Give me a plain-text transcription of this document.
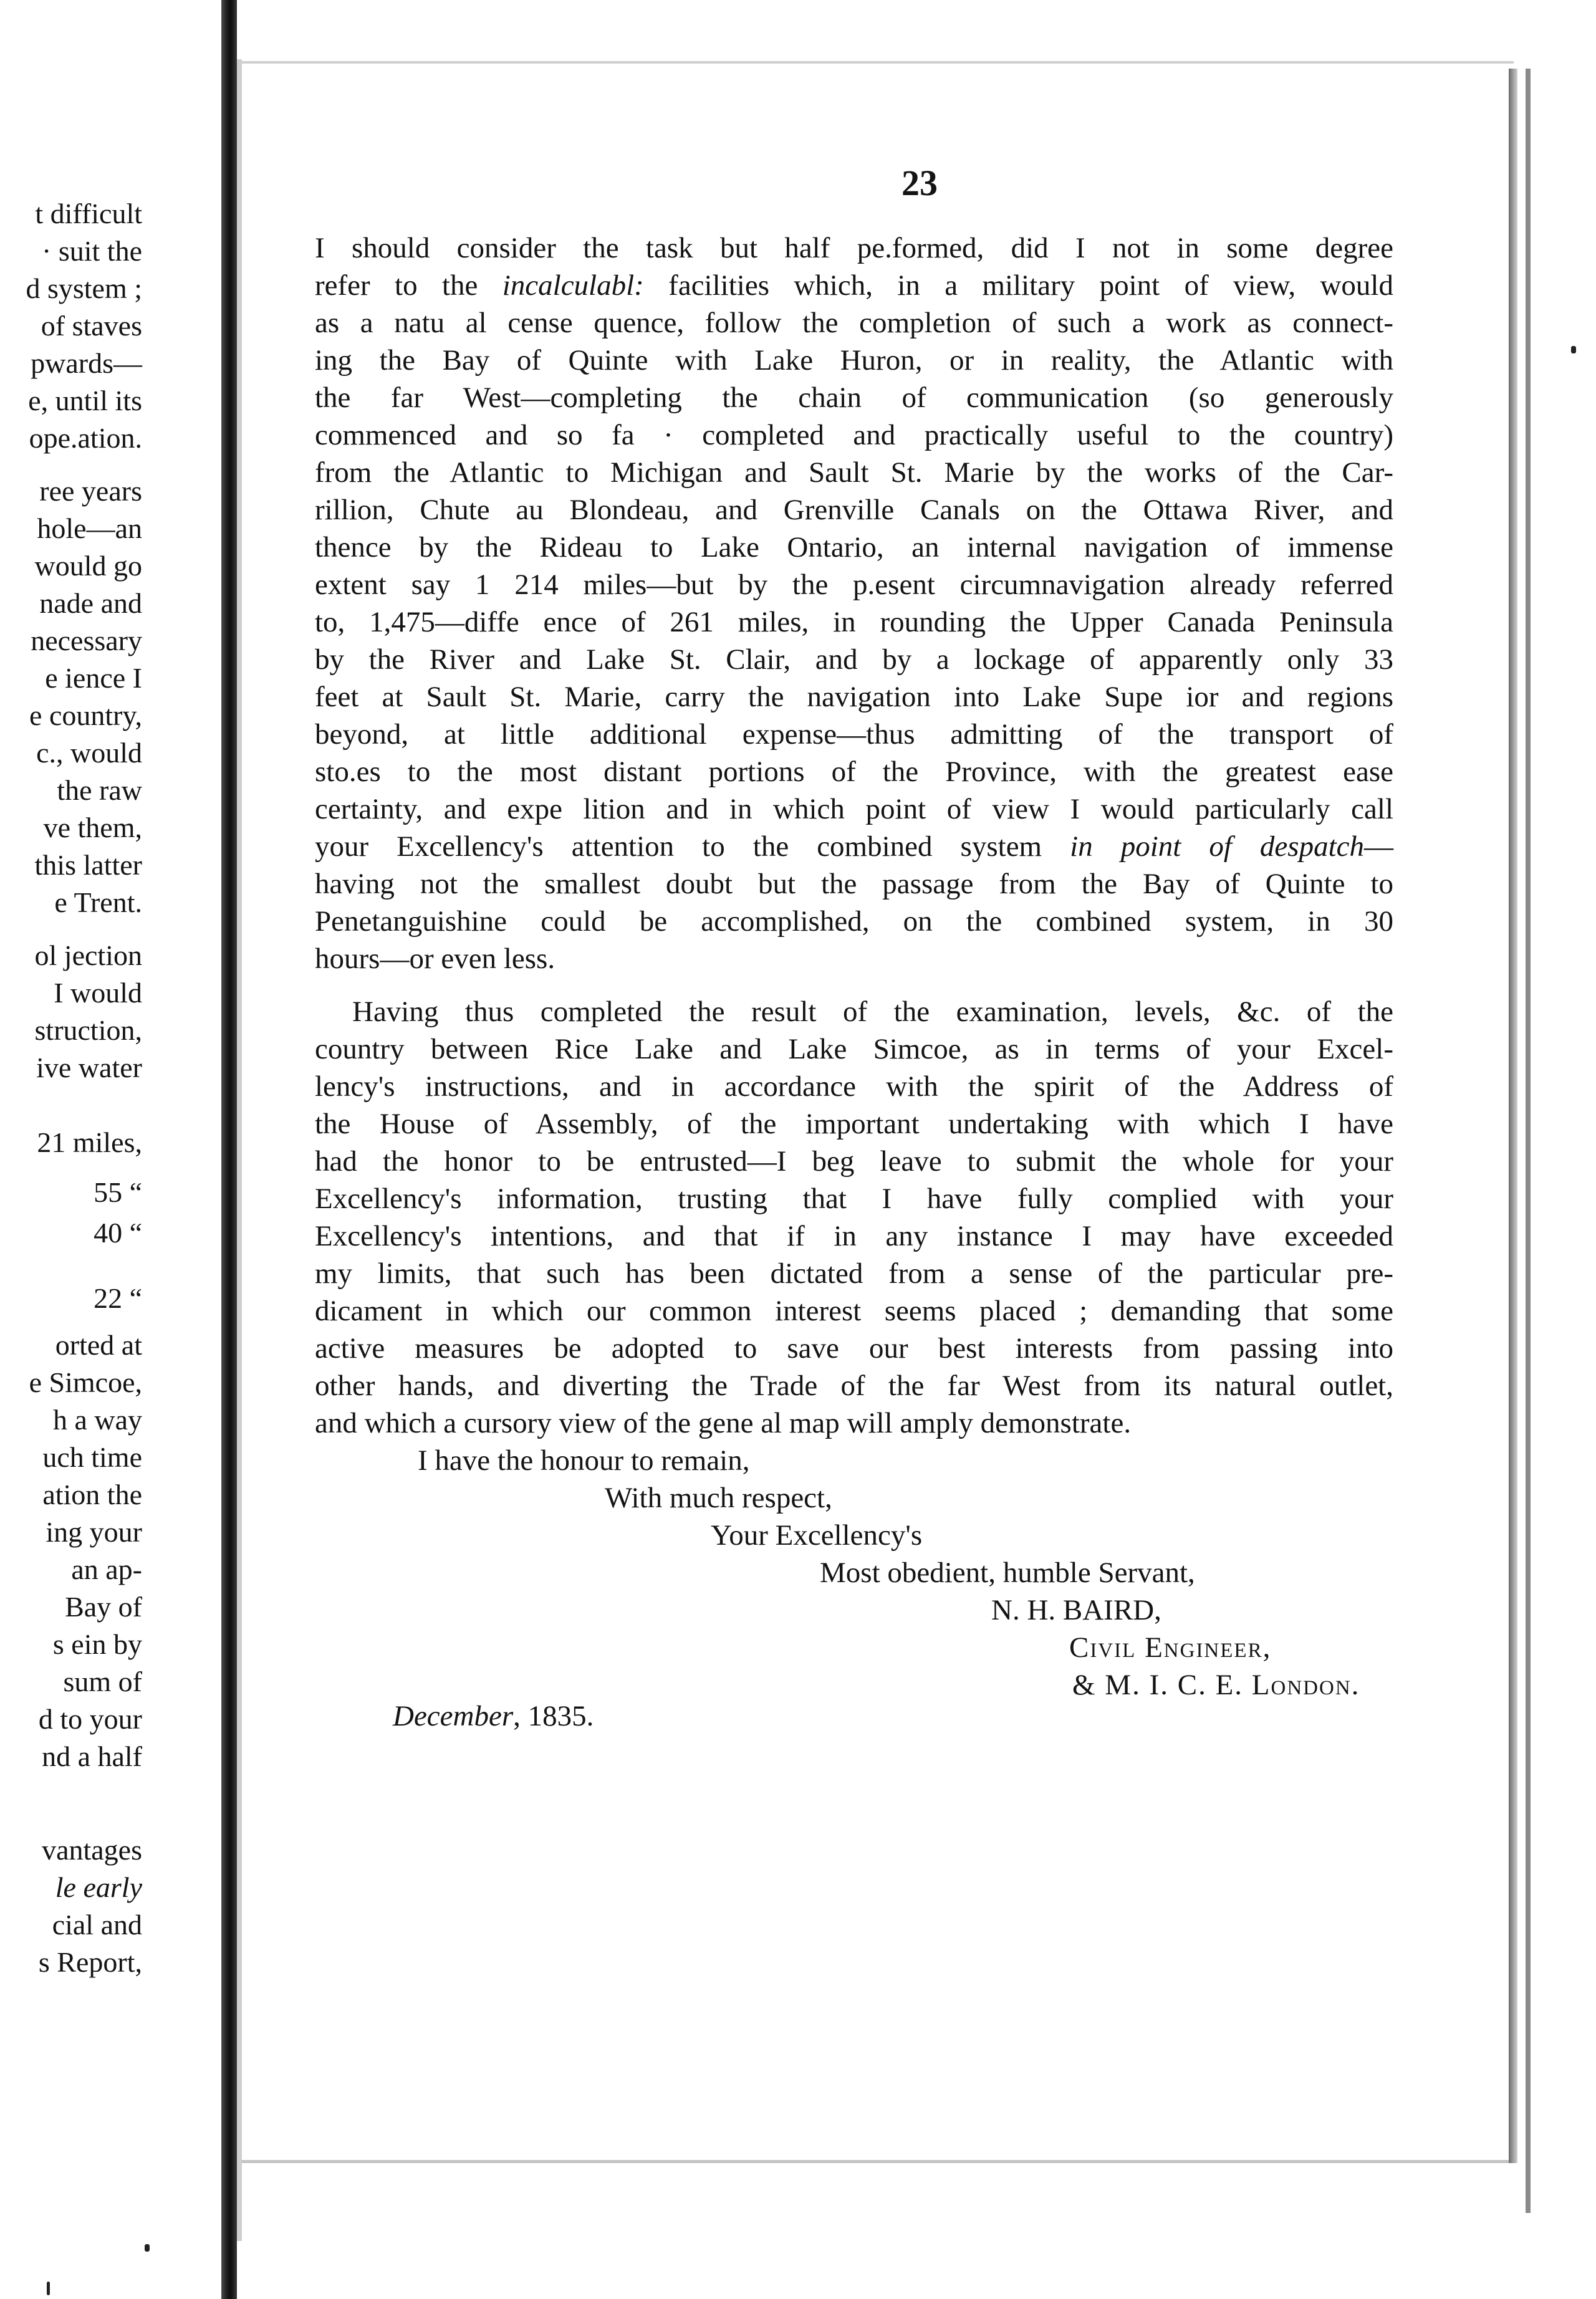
t difficult
· suit the
d system ;
of staves
pwards—
e, until its
ope.ation.
ree years
hole—an
would go
nade and
necessary
e ience I
e country,
c., would
the raw
ve them,
this latter
e Trent.
ol jection
I would
struction,
ive water
21 miles,
55 “
40 “
22 “
orted at
e Simcoe,
h a way
uch time
ation the
ing your
an ap-
Bay of
s ein by
sum of
d to your
nd a half
vantages
le early
cial and
s Report,
23
I should consider the task but half pe.formed, did I not in some degree
refer to the incalculabl: facilities which, in a military point of view, would
as a natu al cense quence, follow the completion of such a work as connect-
ing the Bay of Quinte with Lake Huron, or in reality, the Atlantic with
the far West—completing the chain of communication (so generously
commenced and so fa · completed and practically useful to the country)
from the Atlantic to Michigan and Sault St. Marie by the works of the Car-
rillion, Chute au Blondeau, and Grenville Canals on the Ottawa River, and
thence by the Rideau to Lake Ontario, an internal navigation of immense
extent say 1 214 miles—but by the p.esent circumnavigation already referred
to, 1,475—diffe ence of 261 miles, in rounding the Upper Canada Peninsula
by the River and Lake St. Clair, and by a lockage of apparently only 33
feet at Sault St. Marie, carry the navigation into Lake Supe ior and regions
beyond, at little additional expense—thus admitting of the transport of
sto.es to the most distant portions of the Province, with the greatest ease
certainty, and expe lition and in which point of view I would particularly call
your Excellency's attention to the combined system in point of despatch—
having not the smallest doubt but the passage from the Bay of Quinte to
Penetanguishine could be accomplished, on the combined system, in 30
hours—or even less.
Having thus completed the result of the examination, levels, &c. of the
country between Rice Lake and Lake Simcoe, as in terms of your Excel-
lency's instructions, and in accordance with the spirit of the Address of
the House of Assembly, of the important undertaking with which I have
had the honor to be entrusted—I beg leave to submit the whole for your
Excellency's information, trusting that I have fully complied with your
Excellency's intentions, and that if in any instance I may have exceeded
my limits, that such has been dictated from a sense of the particular pre-
dicament in which our common interest seems placed ; demanding that some
active measures be adopted to save our best interests from passing into
other hands, and diverting the Trade of the far West from its natural outlet,
and which a cursory view of the gene al map will amply demonstrate.
I have the honour to remain,
With much respect,
Your Excellency's
Most obedient, humble Servant,
N. H. BAIRD,
Civil Engineer,
& M. I. C. E. London.
December, 1835.
